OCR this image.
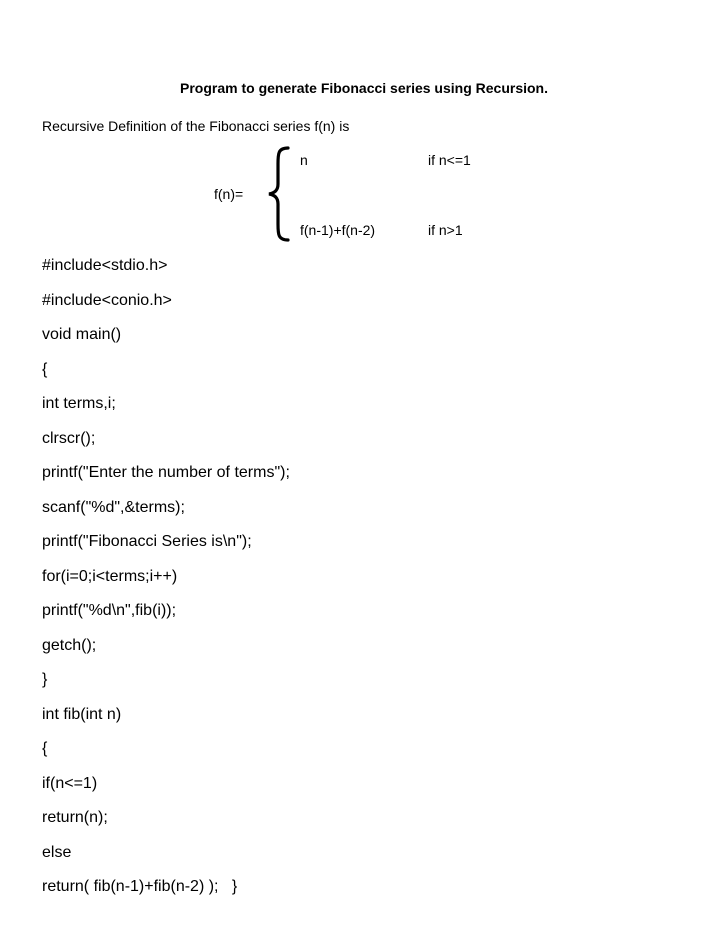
Program to generate Fibonacci series using Recursion.
Recursive Definition of the Fibonacci series f(n) is
f(n)=
n	if n<=1
f(n-1)+f(n-2)	if n>1
#include<stdio.h>
#include<conio.h>
void main()
{
int terms,i;
clrscr();
printf("Enter the number of terms");
scanf("%d",&terms);
printf("Fibonacci Series is\n");
for(i=0;i<terms;i++)
printf("%d\n",fib(i));
getch();
}
int fib(int n)
{
if(n<=1)
return(n);
else
return( fib(n-1)+fib(n-2) );   }
